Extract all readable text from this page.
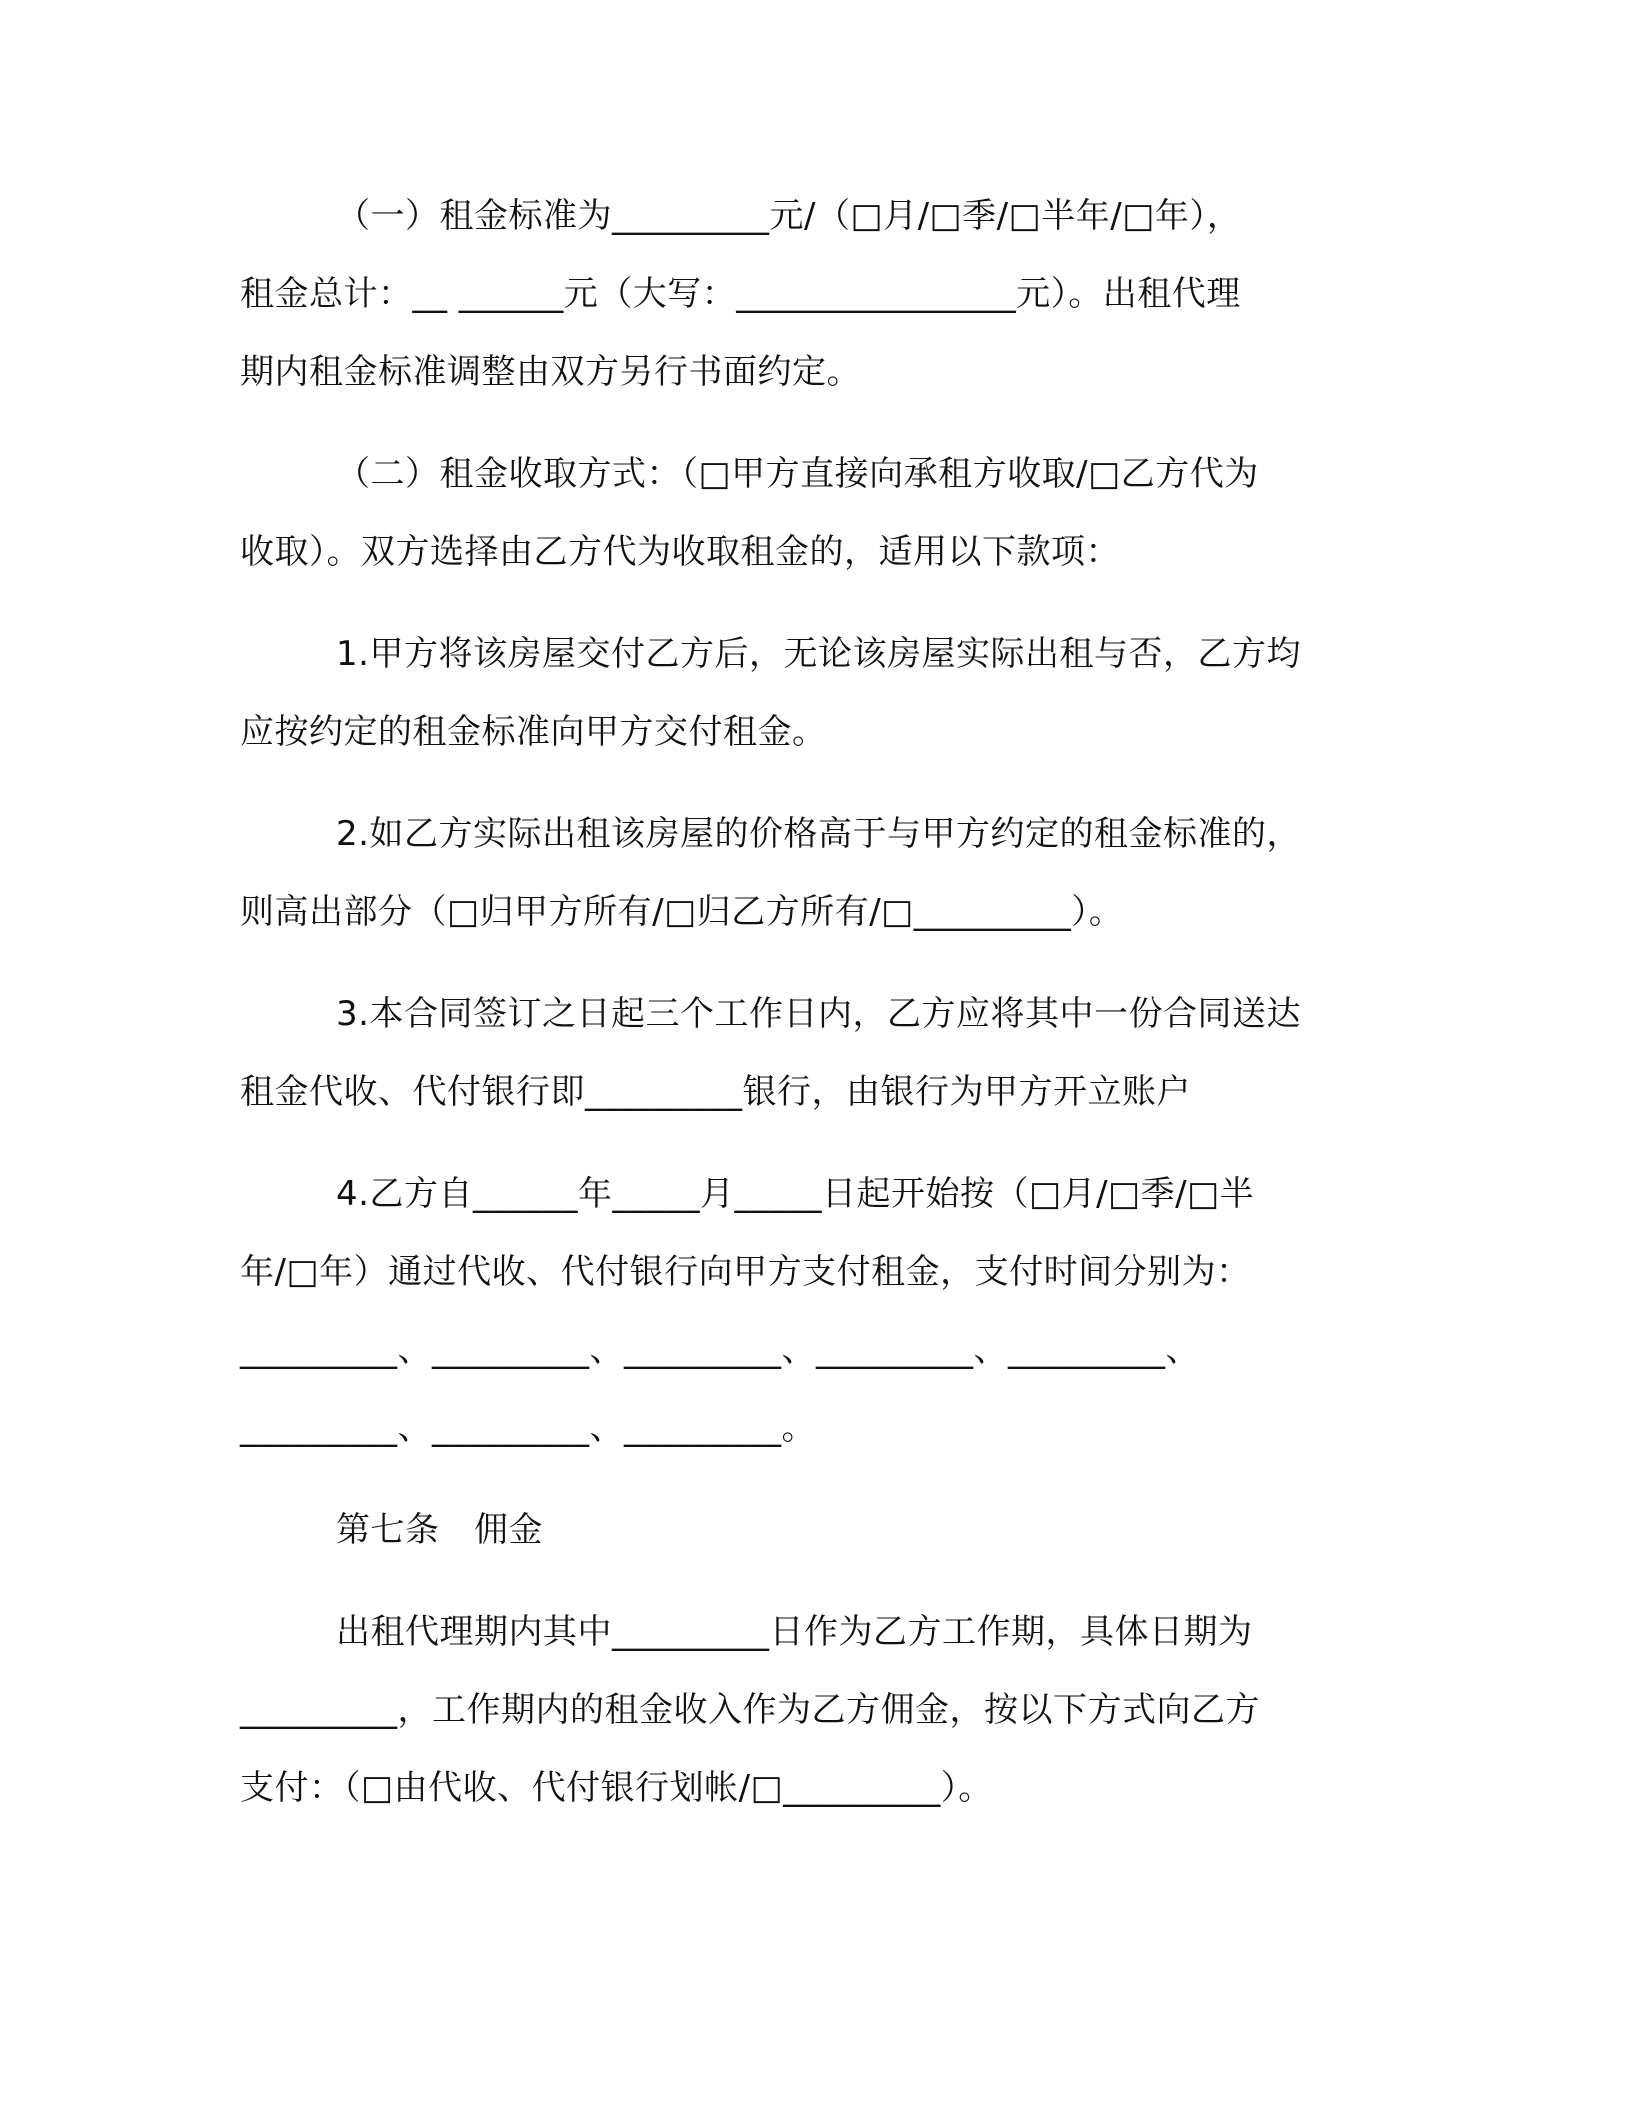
（一）租金标准为_________元/（□月/□季/□半年/□年），
租金总计：__ ______元（大写：________________元）。出租代理
期内租金标准调整由双方另行书面约定。
（二）租金收取方式：（□甲方直接向承租方收取/□乙方代为
收取）。双方选择由乙方代为收取租金的，适用以下款项：
1.甲方将该房屋交付乙方后，无论该房屋实际出租与否，乙方均
应按约定的租金标准向甲方交付租金。
2.如乙方实际出租该房屋的价格高于与甲方约定的租金标准的，
则高出部分（□归甲方所有/□归乙方所有/□_________）。
3.本合同签订之日起三个工作日内，乙方应将其中一份合同送达
租金代收、代付银行即_________银行，由银行为甲方开立账户
4.乙方自______年_____月_____日起开始按（□月/□季/□半
年/□年）通过代收、代付银行向甲方支付租金，支付时间分别为：
_________、_________、_________、_________、_________、
_________、_________、_________。
第七条　佣金
出租代理期内其中_________日作为乙方工作期，具体日期为
_________，工作期内的租金收入作为乙方佣金，按以下方式向乙方
支付：（□由代收、代付银行划帐/□_________）。
